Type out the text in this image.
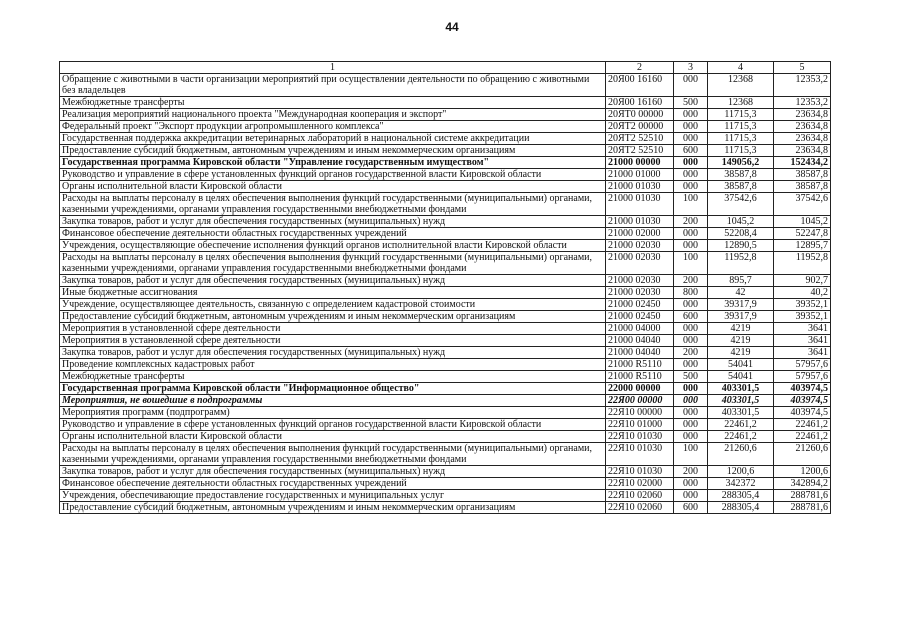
44
1	2	3	4	5
Обращение с животными в части организации мероприятий при осуществлении деятельности по обращению с животными без владельцев	20Я00 16160	000	12368	12353,2
Межбюджетные трансферты	20Я00 16160	500	12368	12353,2
Реализация мероприятий национального проекта "Международная кооперация и экспорт"	20ЯТ0 00000	000	11715,3	23634,8
Федеральный проект "Экспорт продукции агропромышленного комплекса"	20ЯТ2 00000	000	11715,3	23634,8
Государственная поддержка аккредитации ветеринарных лабораторий в национальной системе аккредитации	20ЯТ2 52510	000	11715,3	23634,8
Предоставление субсидий бюджетным, автономным учреждениям и иным некоммерческим организациям	20ЯТ2 52510	600	11715,3	23634,8
Государственная программа Кировской области "Управление государственным имуществом"	21000 00000	000	149056,2	152434,2
Руководство и управление в сфере установленных функций органов государственной власти Кировской области	21000 01000	000	38587,8	38587,8
Органы исполнительной власти Кировской области	21000 01030	000	38587,8	38587,8
Расходы на выплаты персоналу в целях обеспечения выполнения функций государственными (муниципальными) органами, казенными учреждениями, органами управления государственными внебюджетными фондами	21000 01030	100	37542,6	37542,6
Закупка товаров, работ и услуг для обеспечения государственных (муниципальных) нужд	21000 01030	200	1045,2	1045,2
Финансовое обеспечение деятельности областных государственных учреждений	21000 02000	000	52208,4	52247,8
Учреждения, осуществляющие обеспечение исполнения функций органов исполнительной власти Кировской области	21000 02030	000	12890,5	12895,7
Расходы на выплаты персоналу в целях обеспечения выполнения функций государственными (муниципальными) органами, казенными учреждениями, органами управления государственными внебюджетными фондами	21000 02030	100	11952,8	11952,8
Закупка товаров, работ и услуг для обеспечения государственных (муниципальных) нужд	21000 02030	200	895,7	902,7
Иные бюджетные ассигнования	21000 02030	800	42	40,2
Учреждение, осуществляющее деятельность, связанную с определением кадастровой стоимости	21000 02450	000	39317,9	39352,1
Предоставление субсидий бюджетным, автономным учреждениям и иным некоммерческим организациям	21000 02450	600	39317,9	39352,1
Мероприятия в установленной сфере деятельности	21000 04000	000	4219	3641
Мероприятия в установленной сфере деятельности	21000 04040	000	4219	3641
Закупка товаров, работ и услуг для обеспечения государственных (муниципальных) нужд	21000 04040	200	4219	3641
Проведение комплексных кадастровых работ	21000 R5110	000	54041	57957,6
Межбюджетные трансферты	21000 R5110	500	54041	57957,6
Государственная программа Кировской области "Информационное общество"	22000 00000	000	403301,5	403974,5
Мероприятия, не вошедшие в подпрограммы	22Я00 00000	000	403301,5	403974,5
Мероприятия программ (подпрограмм)	22Я10 00000	000	403301,5	403974,5
Руководство и управление в сфере установленных функций органов государственной власти Кировской области	22Я10 01000	000	22461,2	22461,2
Органы исполнительной власти Кировской области	22Я10 01030	000	22461,2	22461,2
Расходы на выплаты персоналу в целях обеспечения выполнения функций государственными (муниципальными) органами, казенными учреждениями, органами управления государственными внебюджетными фондами	22Я10 01030	100	21260,6	21260,6
Закупка товаров, работ и услуг для обеспечения государственных (муниципальных) нужд	22Я10 01030	200	1200,6	1200,6
Финансовое обеспечение деятельности областных государственных учреждений	22Я10 02000	000	342372	342894,2
Учреждения, обеспечивающие предоставление государственных и муниципальных услуг	22Я10 02060	000	288305,4	288781,6
Предоставление субсидий бюджетным, автономным учреждениям и иным некоммерческим организациям	22Я10 02060	600	288305,4	288781,6
